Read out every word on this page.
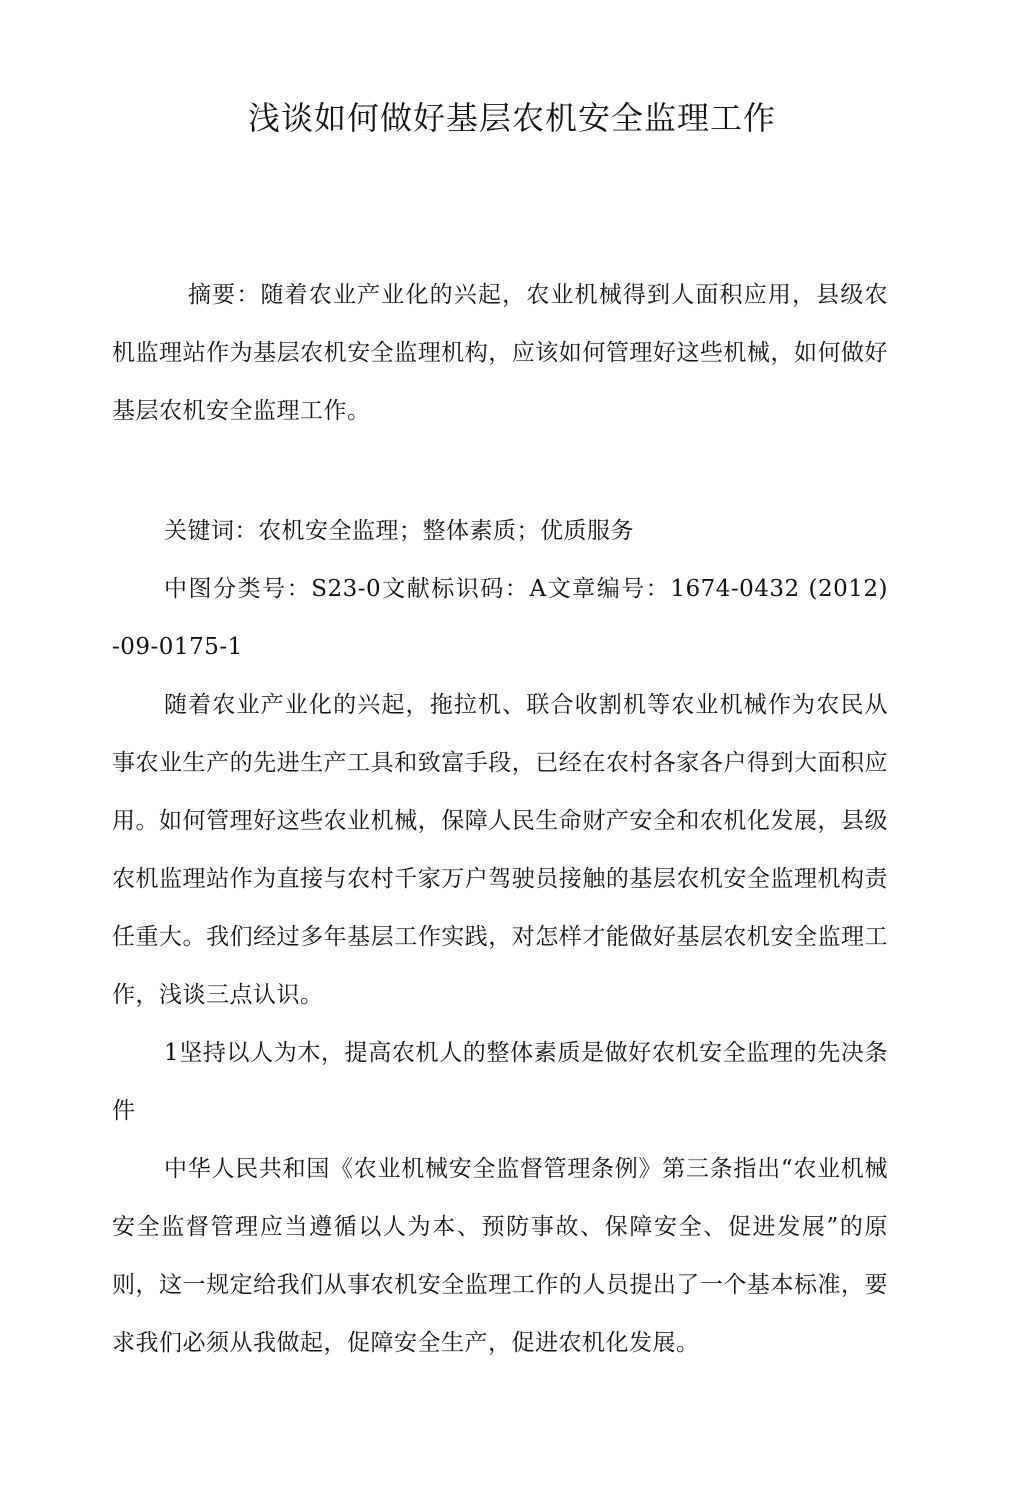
浅谈如何做好基层农机安全监理工作

摘要：随着农业产业化的兴起，农业机械得到人面积应用，县级农机监理站作为基层农机安全监理机构，应该如何管理好这些机械，如何做好基层农机安全监理工作。

关键词：农机安全监理；整体素质；优质服务

中图分类号：S23-0文献标识码：A文章编号：1674-0432 (2012) -09-0175-1

随着农业产业化的兴起，拖拉机、联合收割机等农业机械作为农民从事农业生产的先进生产工具和致富手段，已经在农村各家各户得到大面积应用。如何管理好这些农业机械，保障人民生命财产安全和农机化发展，县级农机监理站作为直接与农村千家万户驾驶员接触的基层农机安全监理机构责任重大。我们经过多年基层工作实践，对怎样才能做好基层农机安全监理工作，浅谈三点认识。

1坚持以人为木，提高农机人的整体素质是做好农机安全监理的先决条件

中华人民共和国《农业机械安全监督管理条例》第三条指出“农业机械安全监督管理应当遵循以人为本、预防事故、保障安全、促进发展”的原则，这一规定给我们从事农机安全监理工作的人员提出了一个基本标准，要求我们必须从我做起，促障安全生产，促进农机化发展。
